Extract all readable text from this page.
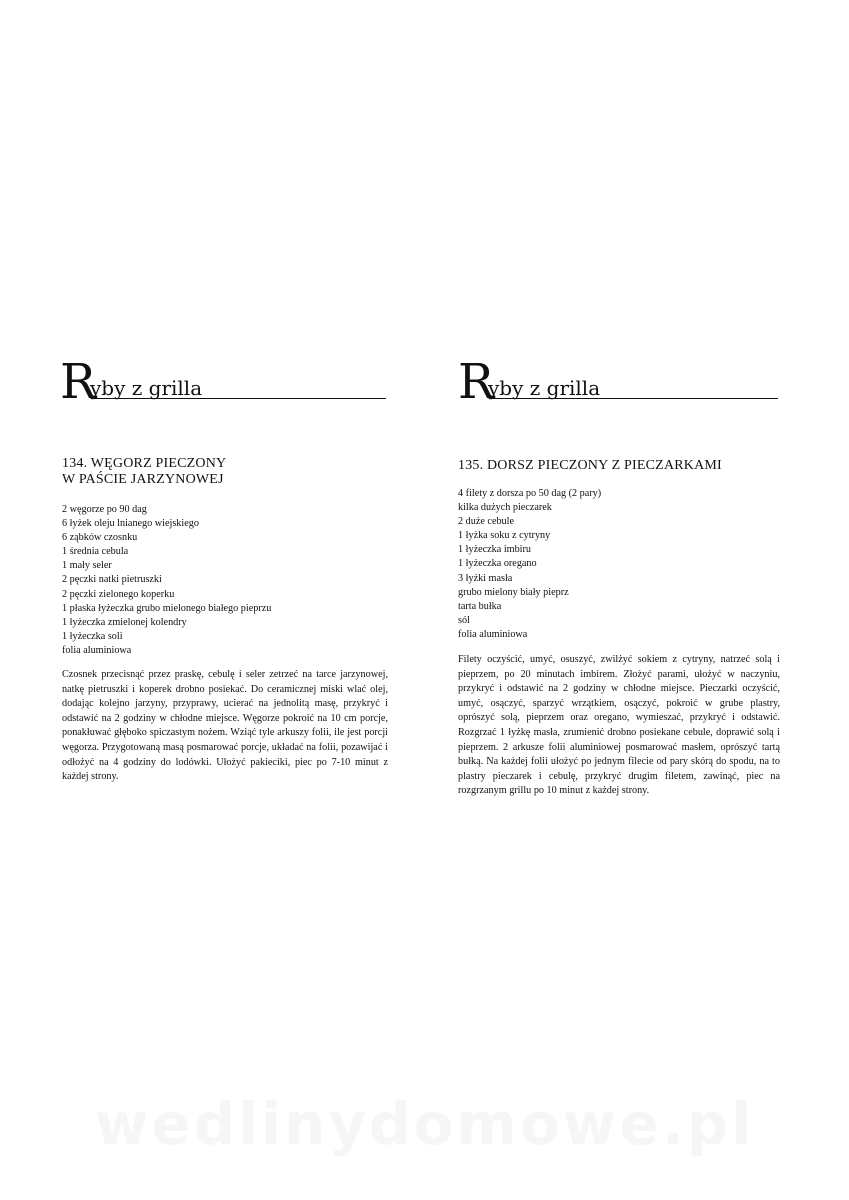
R
yby z grilla
134. WĘGORZ PIECZONY
W PAŚCIE JARZYNOWEJ
2 węgorze po 90 dag
6 łyżek oleju lnianego wiejskiego
6 ząbków czosnku
1 średnia cebula
1 mały seler
2 pęczki natki pietruszki
2 pęczki zielonego koperku
1 płaska łyżeczka grubo mielonego białego pieprzu
1 łyżeczka zmielonej kolendry
1 łyżeczka soli
folia aluminiowa

Czosnek przecisnąć przez praskę, cebulę i seler zetrzeć na tarce jarzynowej, natkę pietruszki i koperek drobno posiekać. Do ceramicznej miski wlać olej, dodając kolejno jarzyny, przyprawy, ucierać na jednolitą masę, przykryć i odstawić na 2 godziny w chłodne miejsce. Węgorze pokroić na 10 cm porcje, ponakłuwać głęboko spiczastym nożem. Wziąć tyle arkuszy folii, ile jest porcji węgorza. Przygotowaną masą posmarować porcje, układać na folii, pozawijać i odłożyć na 4 godziny do lodówki. Ułożyć pakieciki, piec po 7-10 minut z każdej strony.

R
yby z grilla
135. DORSZ PIECZONY Z PIECZARKAMI
4 filety z dorsza po 50 dag (2 pary)
kilka dużych pieczarek
2 duże cebule
1 łyżka soku z cytryny
1 łyżeczka imbiru
1 łyżeczka oregano
3 łyżki masła
grubo mielony biały pieprz
tarta bułka
sól
folia aluminiowa

Filety oczyścić, umyć, osuszyć, zwilżyć sokiem z cytryny, natrzeć solą i pieprzem, po 20 minutach imbirem. Złożyć parami, ułożyć w naczyniu, przykryć i odstawić na 2 godziny w chłodne miejsce. Pieczarki oczyścić, umyć, osączyć, sparzyć wrzątkiem, osączyć, pokroić w grube plastry, oprószyć solą, pieprzem oraz oregano, wymieszać, przykryć i odstawić. Rozgrzać 1 łyżkę masła, zrumienić drobno posiekane cebule, doprawić solą i pieprzem. 2 arkusze folii aluminiowej posmarować masłem, oprószyć tartą bułką. Na każdej folii ułożyć po jednym filecie od pary skórą do spodu, na to plastry pieczarek i cebulę, przykryć drugim filetem, zawinąć, piec na rozgrzanym grillu po 10 minut z każdej strony.

wedlinydomowe.pl
